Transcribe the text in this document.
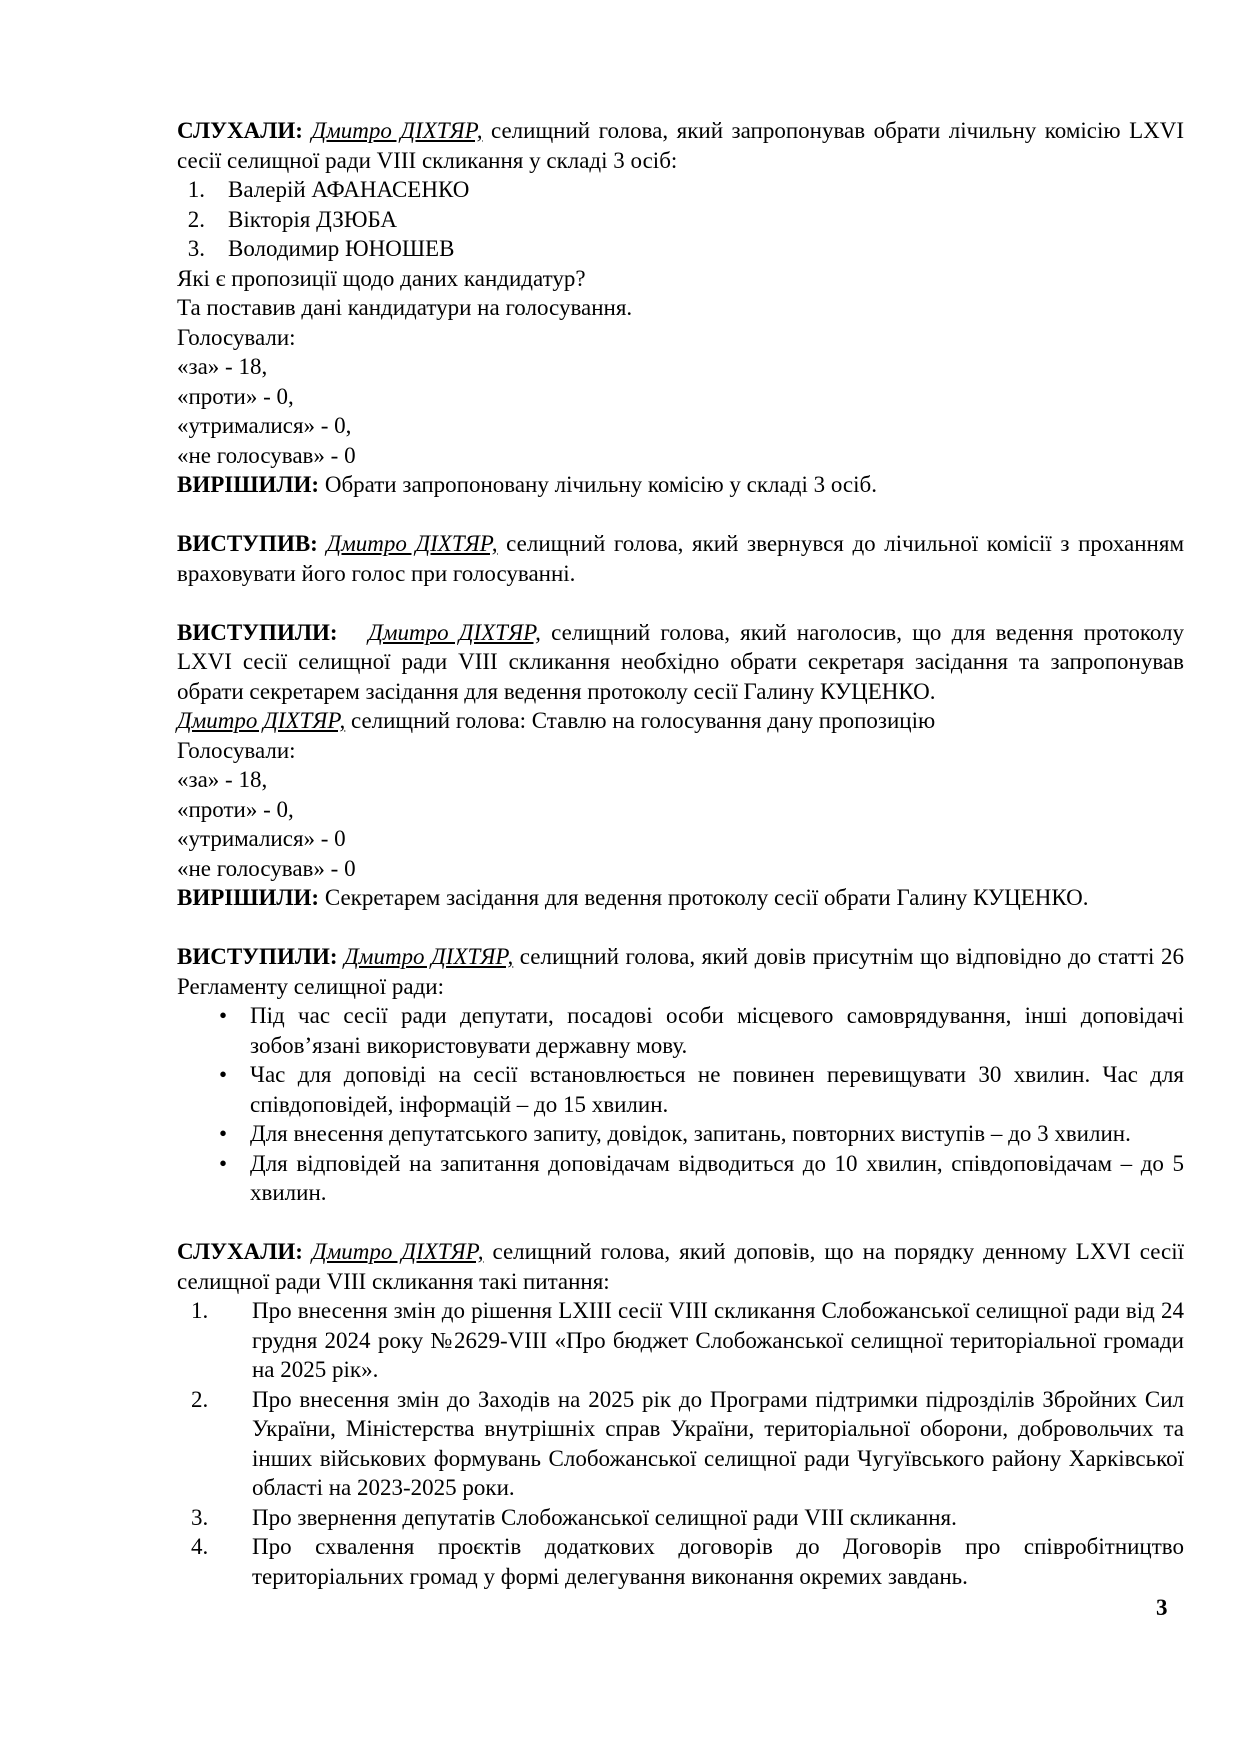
СЛУХАЛИ: Дмитро ДІХТЯР, селищний голова, який запропонував обрати лічильну комісію LXVI сесії селищної ради VIII скликання у складі 3 осіб:

1.	Валерій АФАНАСЕНКО
2.	Вікторія ДЗЮБА
3.	Володимир ЮНОШЕВ

Які є пропозиції щодо даних кандидатур?

Та поставив дані кандидатури на голосування.

Голосували:

«за» - 18,

«проти» - 0,

«утрималися» - 0,

«не голосував» - 0

ВИРІШИЛИ: Обрати запропоновану лічильну комісію у складі 3 осіб.

ВИСТУПИВ: Дмитро ДІХТЯР, селищний голова, який звернувся до лічильної комісії з проханням враховувати його голос при голосуванні.

ВИСТУПИЛИ: Дмитро ДІХТЯР, селищний голова, який наголосив, що для ведення протоколу LXVI сесії селищної ради VIII скликання необхідно обрати секретаря засідання та запропонував обрати секретарем засідання для ведення протоколу сесії Галину КУЦЕНКО.

Дмитро ДІХТЯР, селищний голова: Ставлю на голосування дану пропозицію

Голосували:

«за» - 18,

«проти» - 0,

«утрималися» - 0

«не голосував» - 0

ВИРІШИЛИ: Секретарем засідання для ведення протоколу сесії обрати Галину КУЦЕНКО.

ВИСТУПИЛИ: Дмитро ДІХТЯР, селищний голова, який довів присутнім що відповідно до статті 26 Регламенту селищної ради:

• Під час сесії ради депутати, посадові особи місцевого самоврядування, інші доповідачі зобов’язані використовувати державну мову.
• Час для доповіді на сесії встановлюється не повинен перевищувати 30 хвилин. Час для співдоповідей, інформацій – до 15 хвилин.
• Для внесення депутатського запиту, довідок, запитань, повторних виступів – до 3 хвилин.
• Для відповідей на запитання доповідачам відводиться до 10 хвилин, співдоповідачам – до 5 хвилин.

СЛУХАЛИ: Дмитро ДІХТЯР, селищний голова, який доповів, що на порядку денному LXVI сесії селищної ради VIII скликання такі питання:

1. Про внесення змін до рішення LXIII сесії VIII скликання Слобожанської селищної ради від 24 грудня 2024 року №2629-VIII «Про бюджет Слобожанської селищної територіальної громади на 2025 рік».
2. Про внесення змін до Заходів на 2025 рік до Програми підтримки підрозділів Збройних Сил України, Міністерства внутрішніх справ України, територіальної оборони, добровольчих та інших військових формувань Слобожанської селищної ради Чугуївського району Харківської області на 2023-2025 роки.
3. Про звернення депутатів Слобожанської селищної ради VIII скликання.
4. Про схвалення проєктів додаткових договорів до Договорів про співробітництво територіальних громад у формі делегування виконання окремих завдань.
3
